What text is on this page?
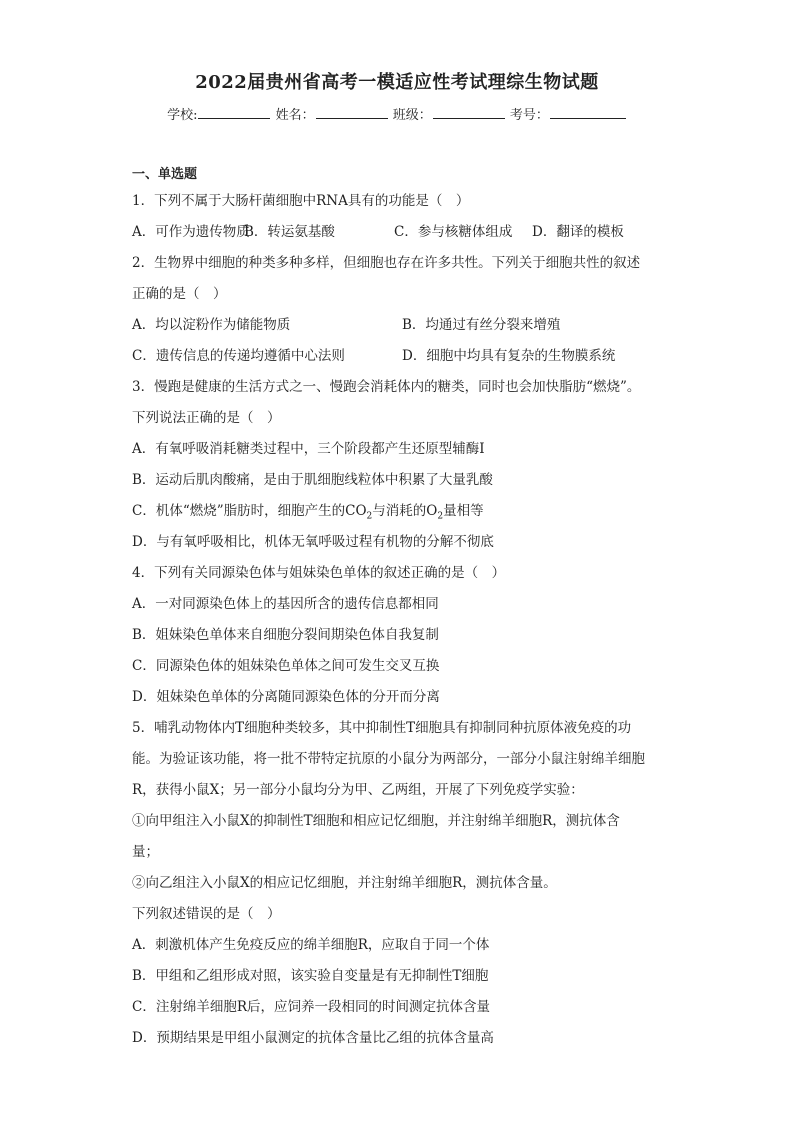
2022届贵州省高考一模适应性考试理综生物试题
学校:	姓名：	班级：	考号：
一、单选题
1．下列不属于大肠杆菌细胞中RNA具有的功能是（　）
A．可作为遗传物质
B．转运氨基酸	C．参与核糖体组成	D．翻译的模板
2．生物界中细胞的种类多种多样，但细胞也存在许多共性。下列关于细胞共性的叙述
正确的是（　）
A．均以淀粉作为储能物质	B．均通过有丝分裂来增殖
C．遗传信息的传递均遵循中心法则	D．细胞中均具有复杂的生物膜系统
3．慢跑是健康的生活方式之一、慢跑会消耗体内的糖类，同时也会加快脂肪“燃烧”。
下列说法正确的是（　）
A．有氧呼吸消耗糖类过程中，三个阶段都产生还原型辅酶Ⅰ
B．运动后肌肉酸痛，是由于肌细胞线粒体中积累了大量乳酸
C．机体“燃烧”脂肪时，细胞产生的$CO_2$与消耗的$O_2$量相等
D．与有氧呼吸相比，机体无氧呼吸过程有机物的分解不彻底
4．下列有关同源染色体与姐妹染色单体的叙述正确的是（　）
A．一对同源染色体上的基因所含的遗传信息都相同
B．姐妹染色单体来自细胞分裂间期染色体自我复制
C．同源染色体的姐妹染色单体之间可发生交叉互换
D．姐妹染色单体的分离随同源染色体的分开而分离
5．哺乳动物体内T细胞种类较多，其中抑制性T细胞具有抑制同种抗原体液免疫的功
能。为验证该功能，将一批不带特定抗原的小鼠分为两部分，一部分小鼠注射绵羊细胞
R，获得小鼠X；另一部分小鼠均分为甲、乙两组，开展了下列免疫学实验：
①向甲组注入小鼠X的抑制性T细胞和相应记忆细胞，并注射绵羊细胞R，测抗体含
量；
②向乙组注入小鼠X的相应记忆细胞，并注射绵羊细胞R，测抗体含量。
下列叙述错误的是（　）
A．刺激机体产生免疫反应的绵羊细胞R，应取自于同一个体
B．甲组和乙组形成对照，该实验自变量是有无抑制性T细胞
C．注射绵羊细胞R后，应饲养一段相同的时间测定抗体含量
D．预期结果是甲组小鼠测定的抗体含量比乙组的抗体含量高
